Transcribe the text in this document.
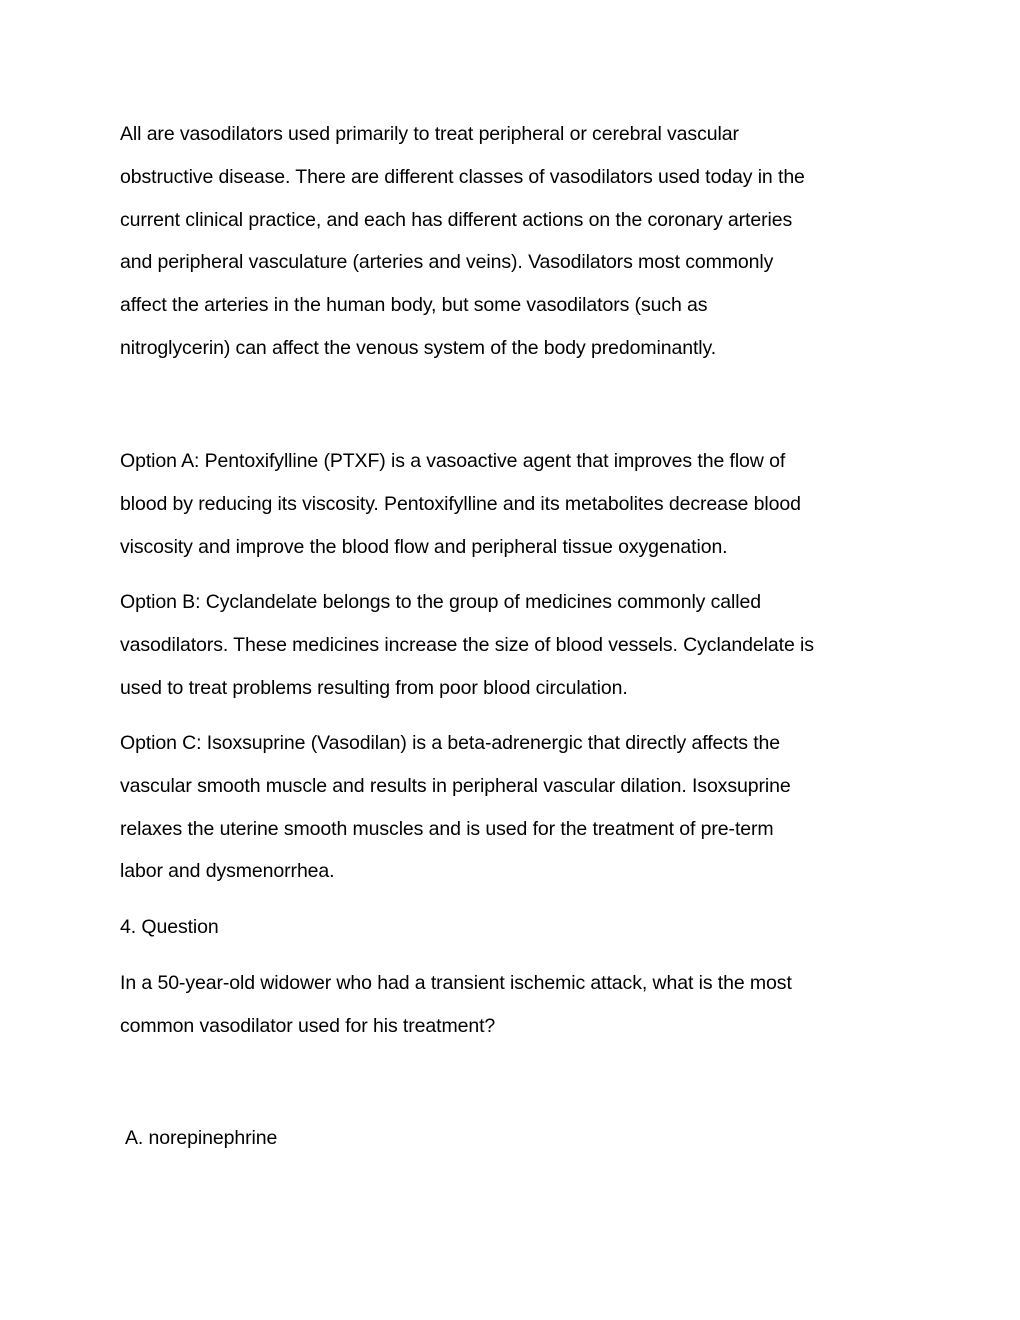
All are vasodilators used primarily to treat peripheral or cerebral vascular
obstructive disease. There are different classes of vasodilators used today in the
current clinical practice, and each has different actions on the coronary arteries
and peripheral vasculature (arteries and veins). Vasodilators most commonly
affect the arteries in the human body, but some vasodilators (such as
nitroglycerin) can affect the venous system of the body predominantly.

Option A: Pentoxifylline (PTXF) is a vasoactive agent that improves the flow of
blood by reducing its viscosity. Pentoxifylline and its metabolites decrease blood
viscosity and improve the blood flow and peripheral tissue oxygenation.

Option B: Cyclandelate belongs to the group of medicines commonly called
vasodilators. These medicines increase the size of blood vessels. Cyclandelate is
used to treat problems resulting from poor blood circulation.

Option C: Isoxsuprine (Vasodilan) is a beta-adrenergic that directly affects the
vascular smooth muscle and results in peripheral vascular dilation. Isoxsuprine
relaxes the uterine smooth muscles and is used for the treatment of pre-term
labor and dysmenorrhea.

4. Question

In a 50-year-old widower who had a transient ischemic attack, what is the most
common vasodilator used for his treatment?

A. norepinephrine
